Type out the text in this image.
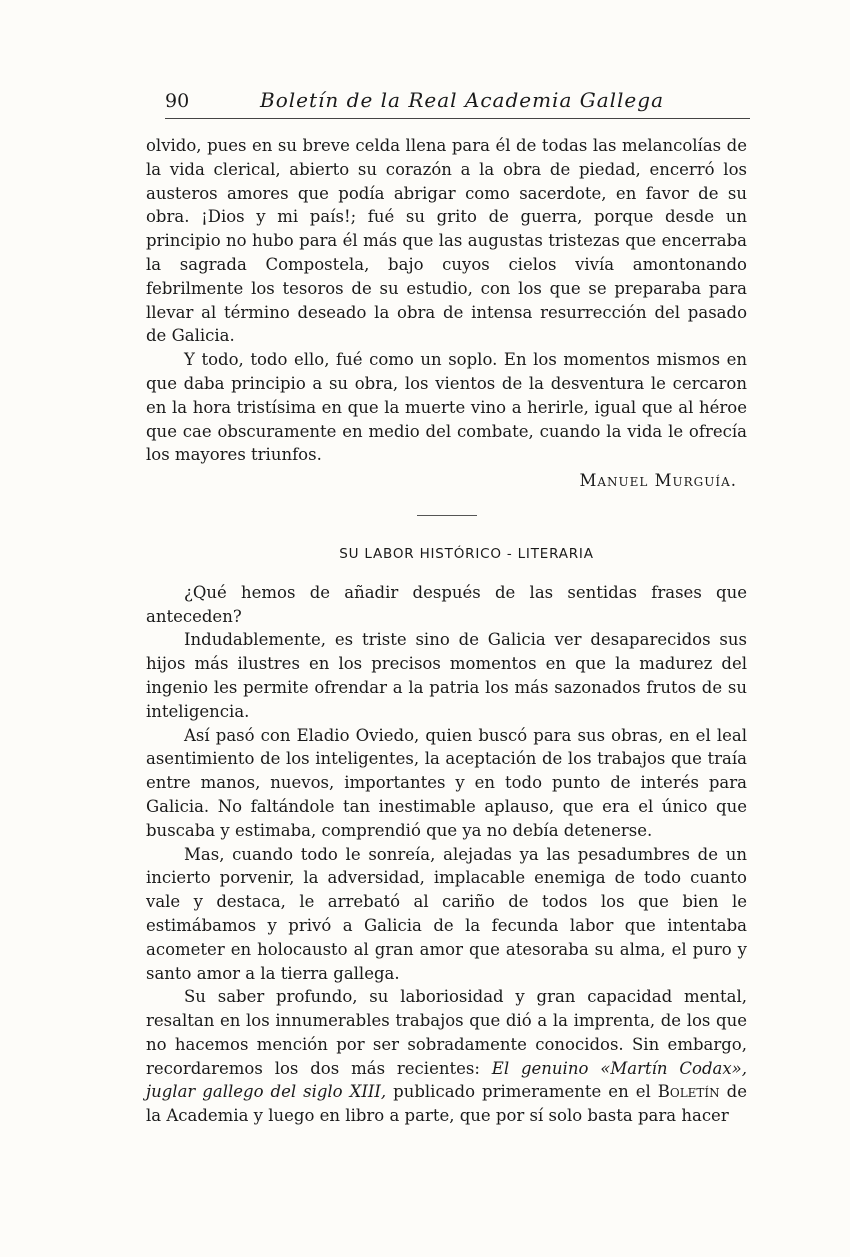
90	Boletín de la Real Academia Gallega

olvido, pues en su breve celda llena para él de todas las melancolías de la vida clerical, abierto su corazón a la obra de piedad, encerró los austeros amores que podía abrigar como sacerdote, en favor de su obra. ¡Dios y mi país!; fué su grito de guerra, porque desde un principio no hubo para él más que las augustas tristezas que encerraba la sagrada Compostela, bajo cuyos cielos vivía amontonando febrilmente los tesoros de su estudio, con los que se preparaba para llevar al término deseado la obra de intensa resurrección del pasado de Galicia.

Y todo, todo ello, fué como un soplo. En los momentos mismos en que daba principio a su obra, los vientos de la desventura le cercaron en la hora tristísima en que la muerte vino a herirle, igual que al héroe que cae obscuramente en medio del combate, cuando la vida le ofrecía los mayores triunfos.

Manuel Murguía.

SU LABOR HISTÓRICO - LITERARIA

¿Qué hemos de añadir después de las sentidas frases que anteceden?

Indudablemente, es triste sino de Galicia ver desaparecidos sus hijos más ilustres en los precisos momentos en que la madurez del ingenio les permite ofrendar a la patria los más sazonados frutos de su inteligencia.

Así pasó con Eladio Oviedo, quien buscó para sus obras, en el leal asentimiento de los inteligentes, la aceptación de los trabajos que traía entre manos, nuevos, importantes y en todo punto de interés para Galicia. No faltándole tan inestimable aplauso, que era el único que buscaba y estimaba, comprendió que ya no debía detenerse.

Mas, cuando todo le sonreía, alejadas ya las pesadumbres de un incierto porvenir, la adversidad, implacable enemiga de todo cuanto vale y destaca, le arrebató al cariño de todos los que bien le estimábamos y privó a Galicia de la fecunda labor que intentaba acometer en holocausto al gran amor que atesoraba su alma, el puro y santo amor a la tierra gallega.

Su saber profundo, su laboriosidad y gran capacidad mental, resaltan en los innumerables trabajos que dió a la imprenta, de los que no hacemos mención por ser sobradamente conocidos. Sin embargo, recordaremos los dos más recientes: El genuino «Martín Codax», juglar gallego del siglo XIII, publicado primeramente en el Boletín de la Academia y luego en libro a parte, que por sí solo basta para hacer
